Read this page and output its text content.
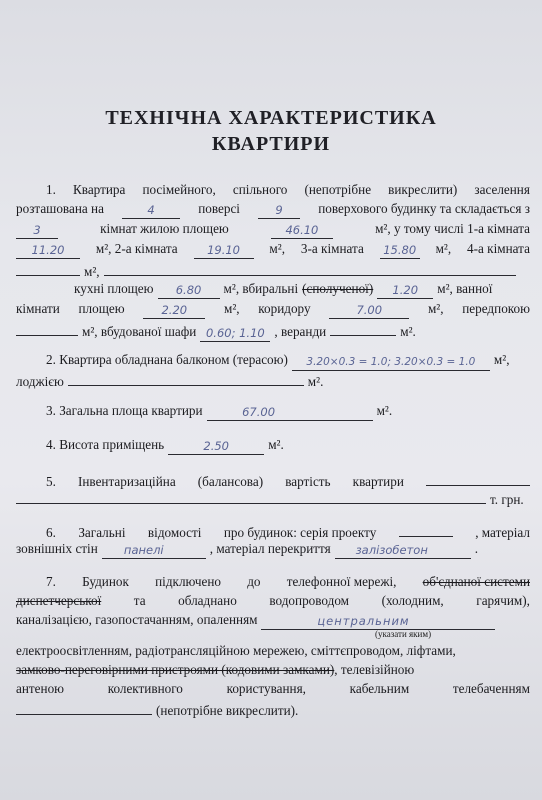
ТЕХНІЧНА ХАРАКТЕРИСТИКА
КВАРТИРИ
1. Квартира посімейного, спільного (непотрібне викреслити) заселення
розташована на	4	поверсі	9	поверхового будинку та складається з
3	кімнат жилою площею	46.10	м², у тому числі 1-а кімната
11.20	м², 2-а кімната	19.10	м², 3-а кімната	15.80 м², 4-а кімната
м²,
кухні площею	6.80	м², вбиральні (сполученої)	1.20	м², ванної
кімнати площею	2.20	м², коридору	7.00	м², передпокою
м², вбудованої шафи 0.60; 1.10 , веранди	м².
2. Квартира обладнана балконом (терасою)	3.20×0.3 = 1.0; 3.20×0.3 = 1.0	м²,
лоджією	м².
3. Загальна площа квартири	67.00	м².
4. Висота приміщень	2.50	м².
5. Інвентаризаційна (балансова) вартість квартири
т. грн.
6. Загальні відомості про будинок: серія проекту	, матеріал
зовнішніх стін	панелі	, матеріал перекриття	залізобетон	.
7. Будинок підключено до телефонної мережі, об'єднаної системи
диспетчерської та обладнано водопроводом (холодним, гарячим),
каналізацією, газопостачанням, опаленням	центральним
(указати яким)
електроосвітленням, радіотрансляційною мережею, сміттєпроводом, ліфтами,
замково-переговірними пристроями (кодовими замками) , телевізійною
антеною	колективного	користування,	кабельним	телебаченням
(непотрібне викреслити).
